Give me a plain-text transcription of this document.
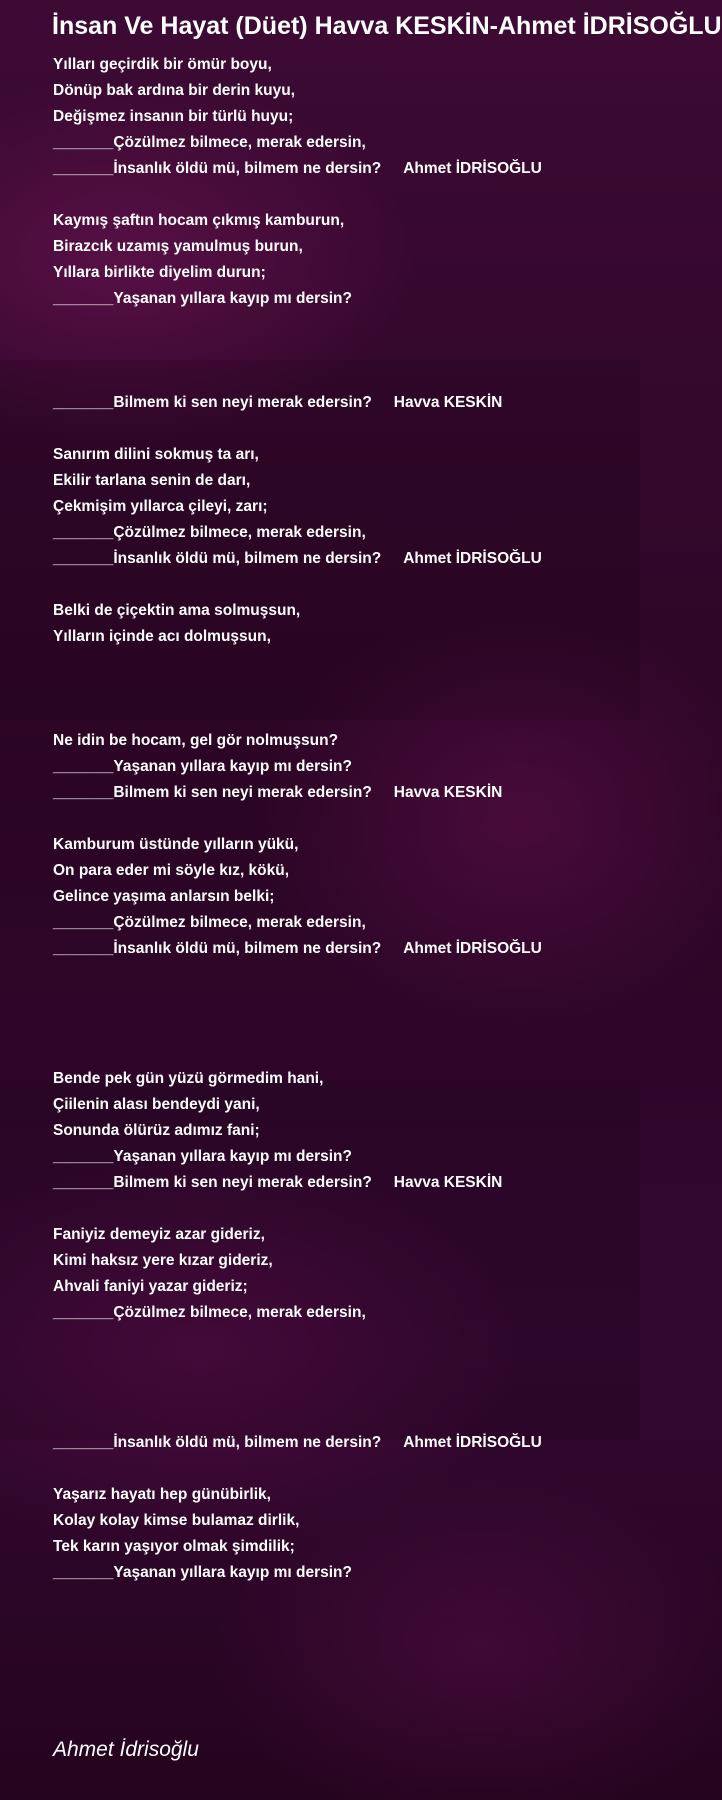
İnsan Ve Hayat (Düet) Havva KESKİN-Ahmet İDRİSOĞLU
Yılları geçirdik bir ömür boyu,
Dönüp bak ardına bir derin kuyu,
Değişmez insanın bir türlü huyu;
_______Çözülmez bilmece, merak edersin,
_______İnsanlık öldü mü, bilmem ne dersin? Ahmet İDRİSOĞLU
Kaymış şaftın hocam çıkmış kamburun,
Birazcık uzamış yamulmuş burun,
Yıllara birlikte diyelim durun;
_______Yaşanan yıllara kayıp mı dersin?
_______Bilmem ki sen neyi merak edersin? Havva KESKİN
Sanırım dilini sokmuş ta arı,
Ekilir tarlana senin de darı,
Çekmişim yıllarca çileyi, zarı;
_______Çözülmez bilmece, merak edersin,
_______İnsanlık öldü mü, bilmem ne dersin? Ahmet İDRİSOĞLU
Belki de çiçektin ama solmuşsun,
Yılların içinde acı dolmuşsun,
Ne idin be hocam, gel gör nolmuşsun?
_______Yaşanan yıllara kayıp mı dersin?
_______Bilmem ki sen neyi merak edersin? Havva KESKİN
Kamburum üstünde yılların yükü,
On para eder mi söyle kız, kökü,
Gelince yaşıma anlarsın belki;
_______Çözülmez bilmece, merak edersin,
_______İnsanlık öldü mü, bilmem ne dersin? Ahmet İDRİSOĞLU
Bende pek gün yüzü görmedim hani,
Çiilenin alası bendeydi yani,
Sonunda ölürüz adımız fani;
_______Yaşanan yıllara kayıp mı dersin?
_______Bilmem ki sen neyi merak edersin? Havva KESKİN
Faniyiz demeyiz azar gideriz,
Kimi haksız yere kızar gideriz,
Ahvali faniyi yazar gideriz;
_______Çözülmez bilmece, merak edersin,
_______İnsanlık öldü mü, bilmem ne dersin? Ahmet İDRİSOĞLU
Yaşarız hayatı hep günübirlik,
Kolay kolay kimse bulamaz dirlik,
Tek karın yaşıyor olmak şimdilik;
_______Yaşanan yıllara kayıp mı dersin?
Ahmet İdrisoğlu
